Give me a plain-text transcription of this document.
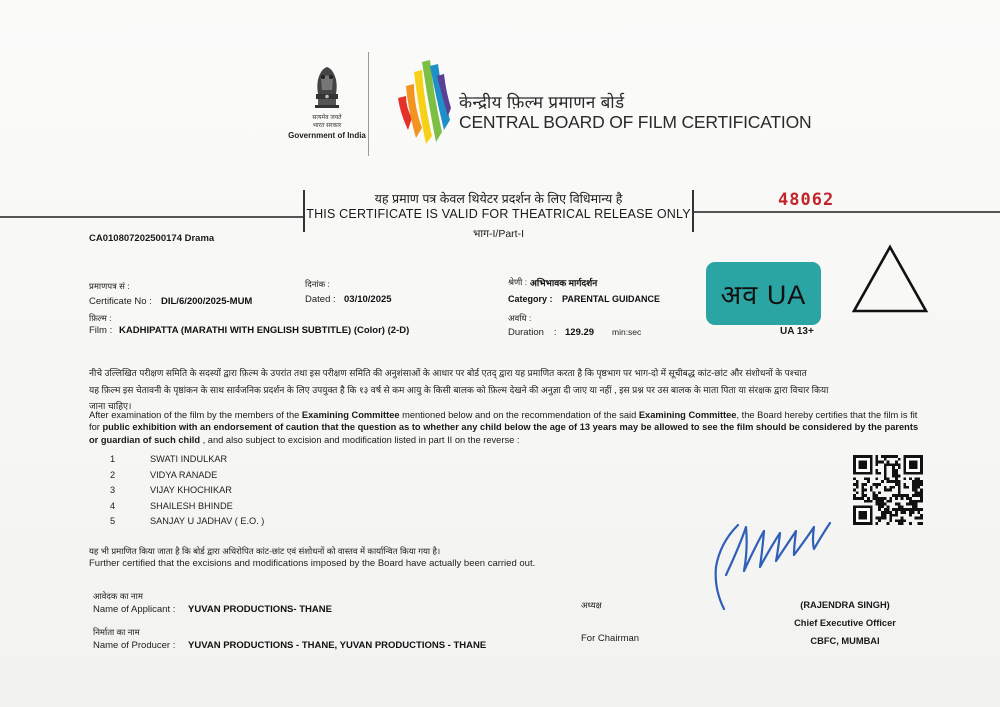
सत्यमेव जयते
भारत सरकार
Government of India
केन्द्रीय फ़िल्म प्रमाणन बोर्ड
CENTRAL BOARD OF FILM CERTIFICATION
यह प्रमाण पत्र केवल थियेटर प्रदर्शन के लिए विधिमान्य है
THIS CERTIFICATE IS VALID FOR THEATRICAL RELEASE ONLY
भाग-I/Part-I
48062
CA010807202500174 Drama
प्रमाणपत्र सं :
Certificate No : DIL/6/200/2025-MUM
दिनांक :
Dated : 03/10/2025
श्रेणी : अभिभावक मार्गदर्शन
Category : PARENTAL GUIDANCE
फ़िल्म :
Film : KADHIPATTA (MARATHI WITH ENGLISH SUBTITLE) (Color) (2-D)
अवधि :
Duration : 129.29 min:sec
अव UA
UA 13+
नीचे उल्लिखित परीक्षण समिति के सदस्यों द्वारा फ़िल्म के उपरांत तथा इस परीक्षण समिति की अनुशंसाओं के आधार पर बोर्ड एतद् द्वारा यह प्रमाणित करता है कि पृष्ठभाग पर भाग-दो में सूचीबद्ध कांट-छांट और संशोधनों के पश्चात
यह फ़िल्म इस चेतावनी के पृष्ठांकन के साथ सार्वजनिक प्रदर्शन के लिए उपयुक्त है कि १३ वर्ष से कम आयु के किसी बालक को फ़िल्म देखने की अनुज्ञा दी जाए या नहीं , इस प्रश्न पर उस बालक के माता पिता या संरक्षक द्वारा विचार किया
जाना चाहिए।
After examination of the film by the members of the Examining Committee mentioned below and on the recommendation of the said Examining Committee, the Board hereby certifies that the film is fit for public exhibition with an endorsement of caution that the question as to whether any child below the age of 13 years may be allowed to see the film should be considered by the parents or guardian of such child , and also subject to excision and modification listed in part II on the reverse :
1	SWATI INDULKAR
2	VIDYA RANADE
3	VIJAY KHOCHIKAR
4	SHAILESH BHINDE
5	SANJAY U JADHAV ( E.O. )
यह भी प्रमाणित किया जाता है कि बोर्ड द्वारा अधिरोपित कांट-छांट एवं संशोधनों को वास्तव में कार्यान्वित किया गया है।
Further certified that the excisions and modifications imposed by the Board have actually been carried out.
आवेदक का नाम
Name of Applicant : YUVAN PRODUCTIONS- THANE
निर्माता का नाम
Name of Producer : YUVAN PRODUCTIONS - THANE, YUVAN PRODUCTIONS - THANE
अध्यक्ष
For Chairman
(RAJENDRA SINGH)
Chief Executive Officer
CBFC, MUMBAI
